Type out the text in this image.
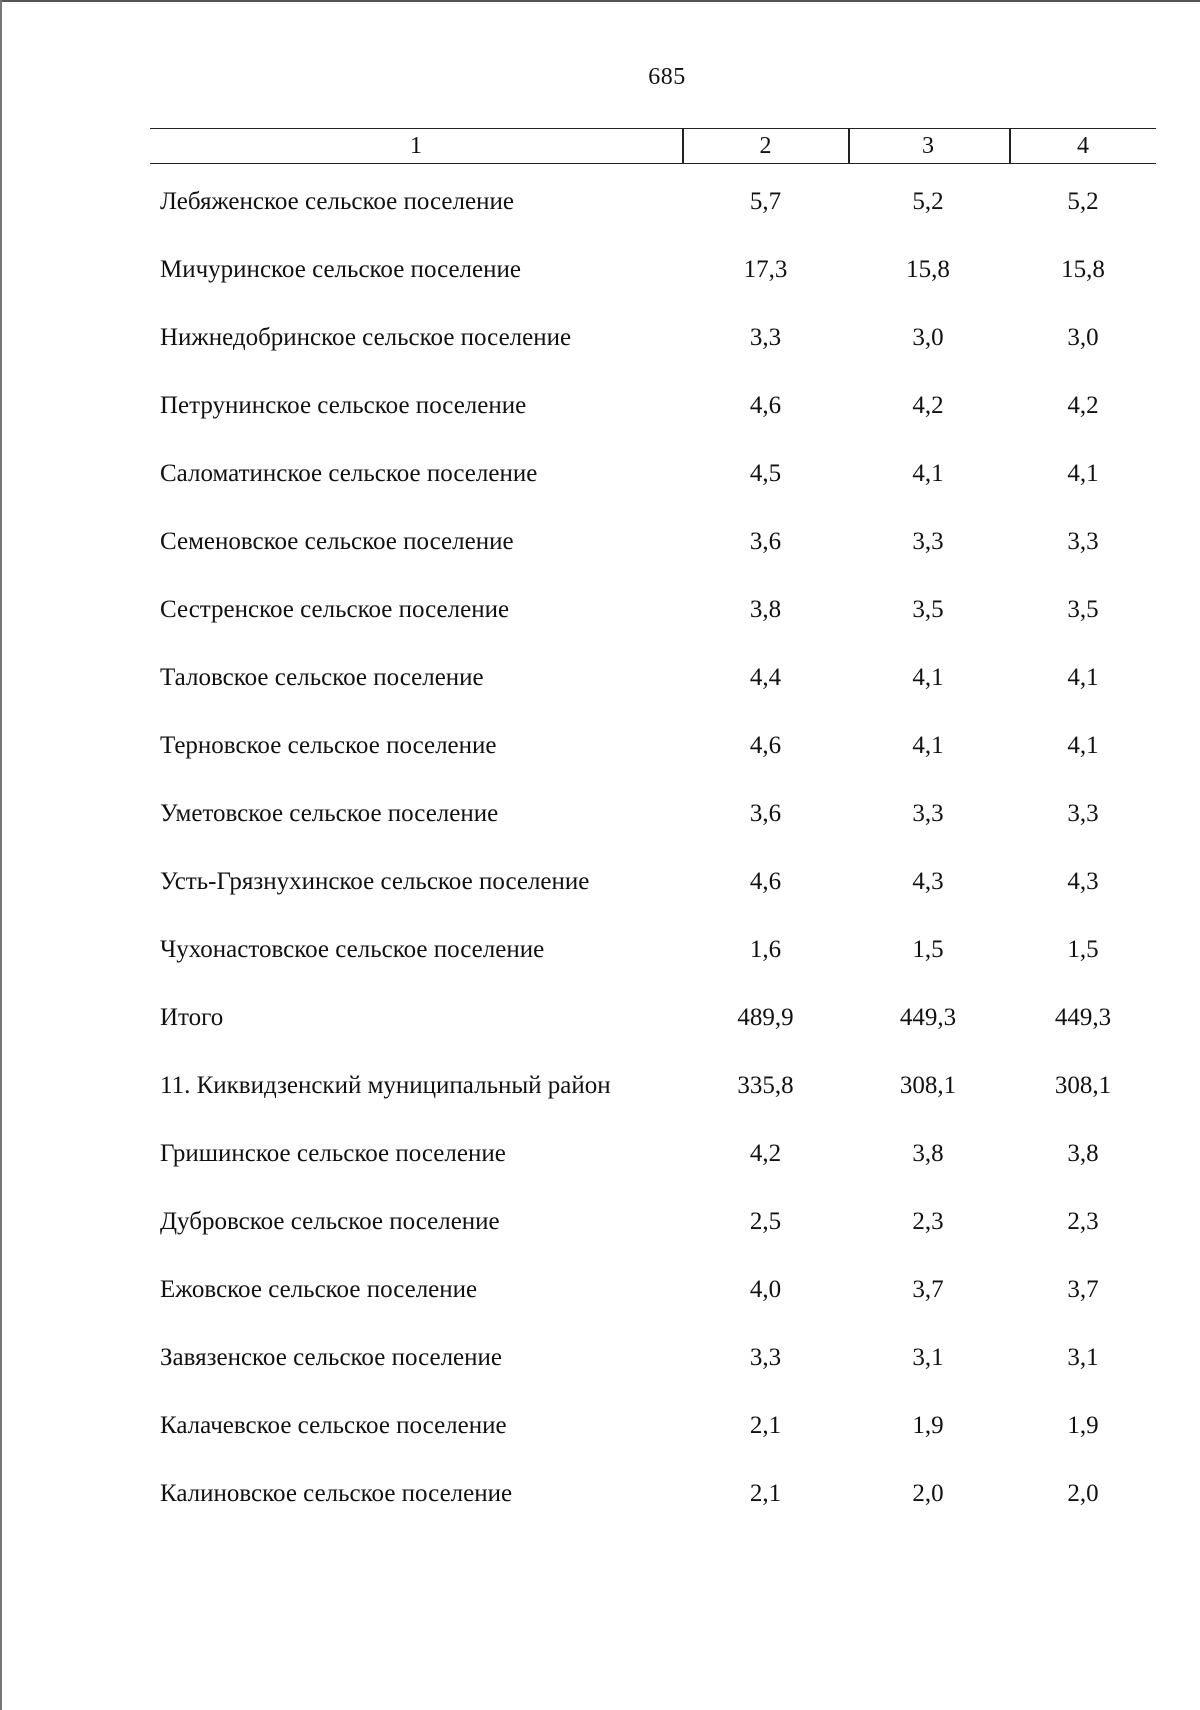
685
1	2	3	4
Лебяженское сельское поселение	5,7	5,2	5,2
Мичуринское сельское поселение	17,3	15,8	15,8
Нижнедобринское сельское поселение	3,3	3,0	3,0
Петрунинское сельское поселение	4,6	4,2	4,2
Саломатинское сельское поселение	4,5	4,1	4,1
Семеновское сельское поселение	3,6	3,3	3,3
Сестренское сельское поселение	3,8	3,5	3,5
Таловское сельское поселение	4,4	4,1	4,1
Терновское сельское поселение	4,6	4,1	4,1
Уметовское сельское поселение	3,6	3,3	3,3
Усть-Грязнухинское сельское поселение	4,6	4,3	4,3
Чухонастовское сельское поселение	1,6	1,5	1,5
Итого	489,9	449,3	449,3
11. Киквидзенский муниципальный район	335,8	308,1	308,1
Гришинское сельское поселение	4,2	3,8	3,8
Дубровское сельское поселение	2,5	2,3	2,3
Ежовское сельское поселение	4,0	3,7	3,7
Завязенское сельское поселение	3,3	3,1	3,1
Калачевское сельское поселение	2,1	1,9	1,9
Калиновское сельское поселение	2,1	2,0	2,0
